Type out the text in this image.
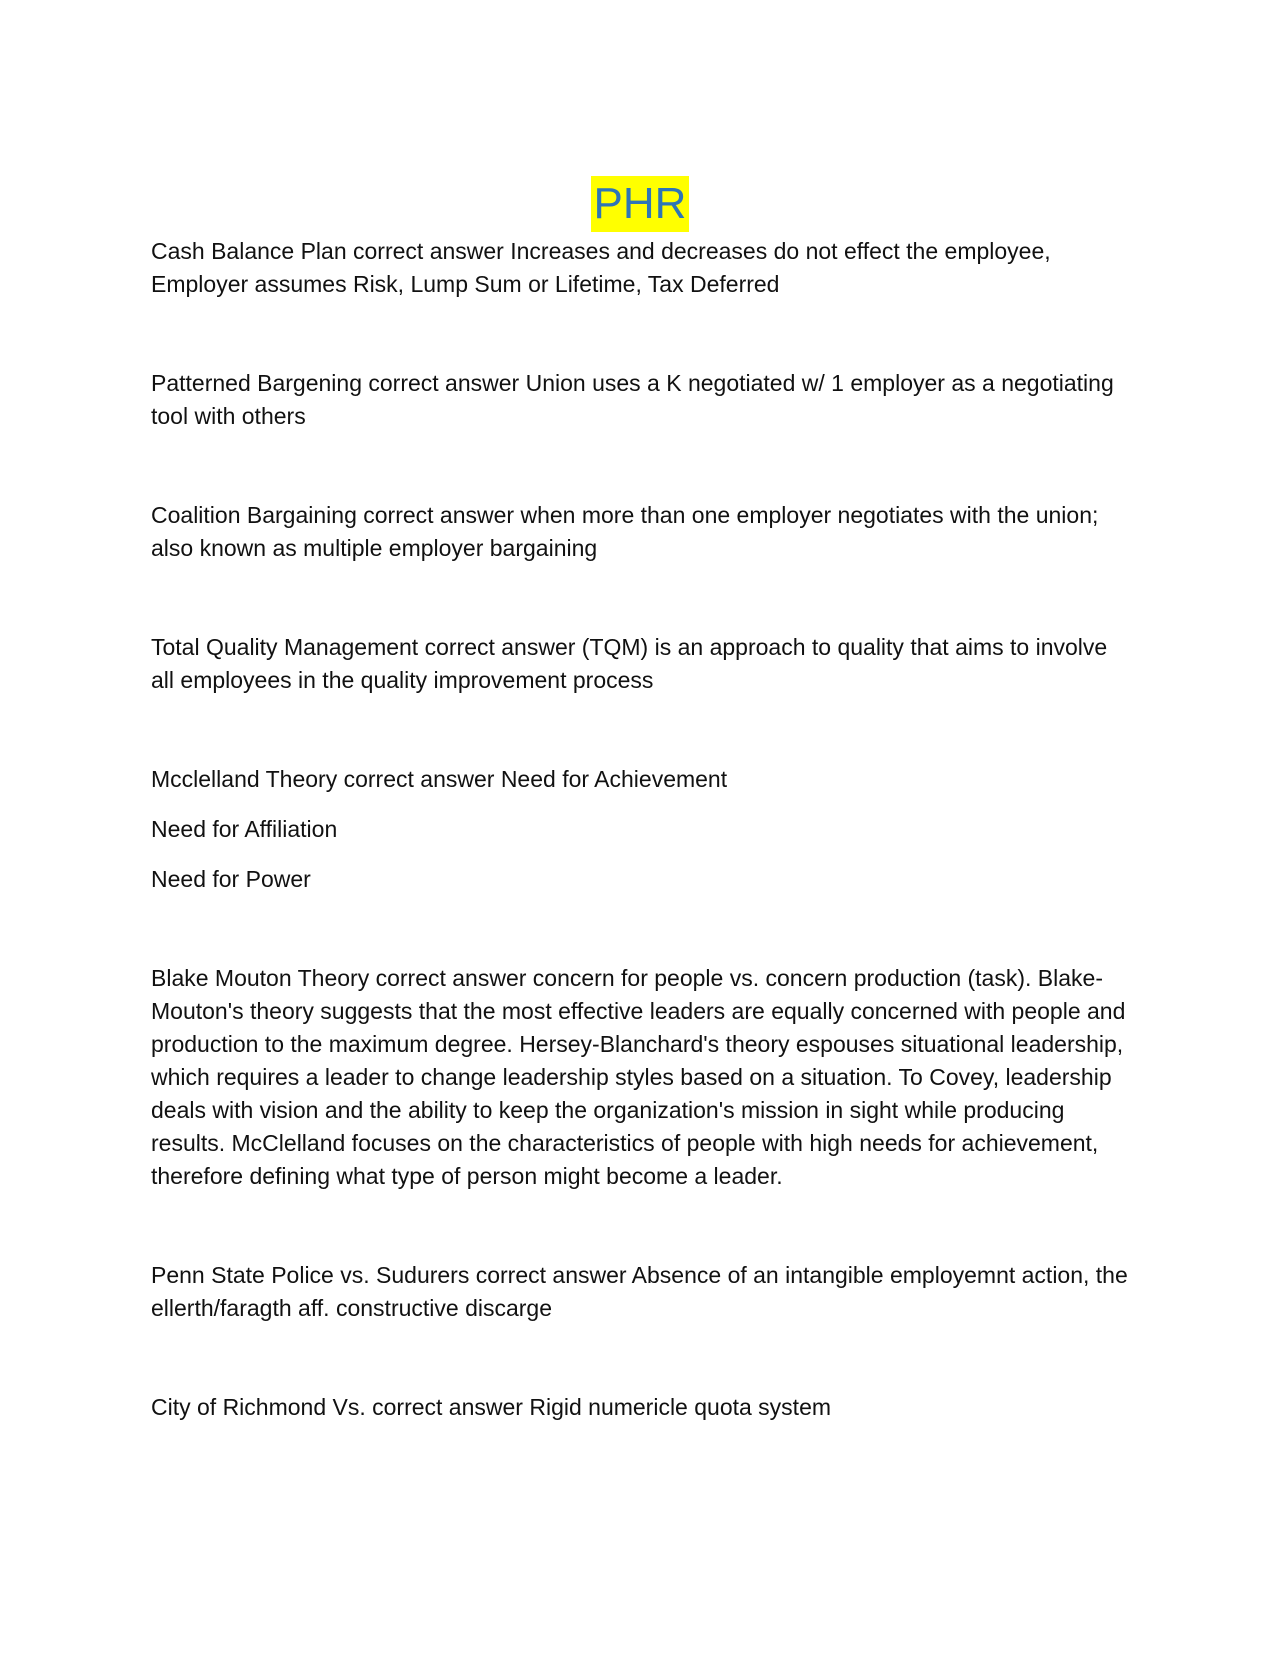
PHR

Cash Balance Plan correct answer Increases and decreases do not effect the employee, Employer assumes Risk, Lump Sum or Lifetime, Tax Deferred

Patterned Bargening correct answer Union uses a K negotiated w/ 1 employer as a negotiating tool with others

Coalition Bargaining correct answer when more than one employer negotiates with the union; also known as multiple employer bargaining

Total Quality Management correct answer (TQM) is an approach to quality that aims to involve all employees in the quality improvement process

Mcclelland Theory correct answer Need for Achievement

Need for Affiliation

Need for Power

Blake Mouton Theory correct answer concern for people vs. concern production (task). Blake-Mouton's theory suggests that the most effective leaders are equally concerned with people and production to the maximum degree. Hersey-Blanchard's theory espouses situational leadership, which requires a leader to change leadership styles based on a situation. To Covey, leadership deals with vision and the ability to keep the organization's mission in sight while producing results. McClelland focuses on the characteristics of people with high needs for achievement, therefore defining what type of person might become a leader.

Penn State Police vs. Sudurers correct answer Absence of an intangible employemnt action, the ellerth/faragth aff. constructive discarge

City of Richmond Vs. correct answer Rigid numericle quota system
